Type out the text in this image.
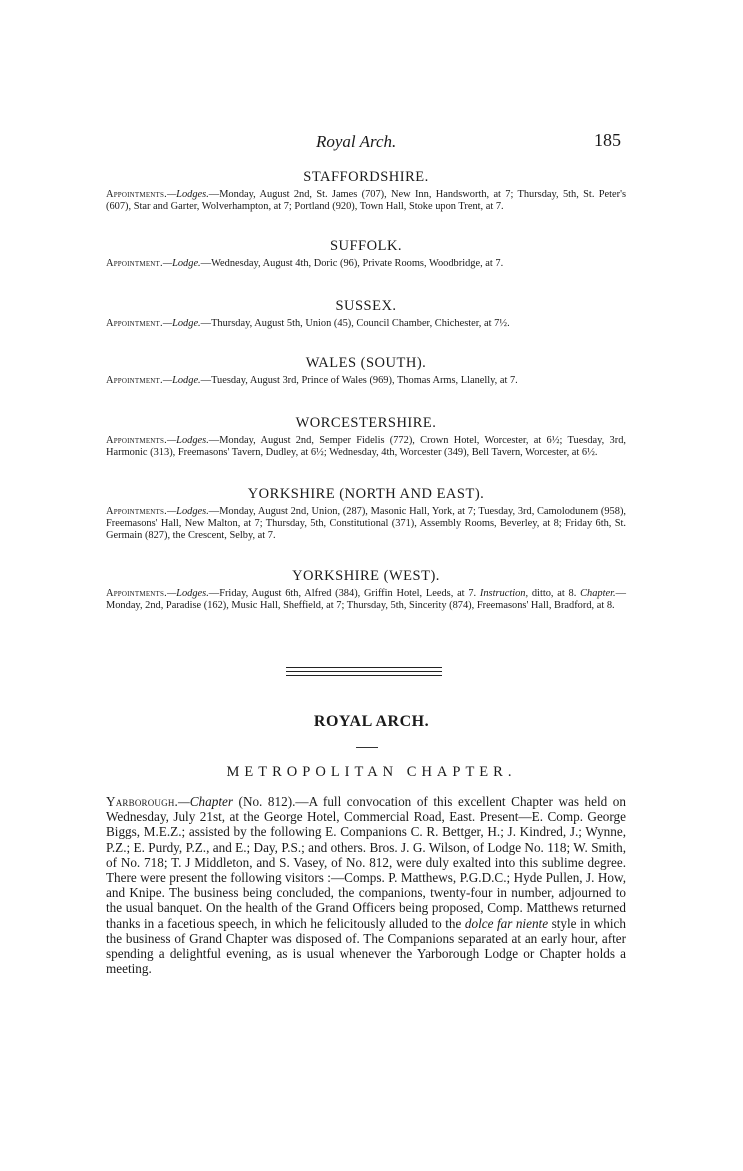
Royal Arch.	185

STAFFORDSHIRE.

Appointments.—Lodges.—Monday, August 2nd, St. James (707), New Inn, Handsworth, at 7; Thursday, 5th, St. Peter's (607), Star and Garter, Wolverhampton, at 7; Portland (920), Town Hall, Stoke upon Trent, at 7.

SUFFOLK.

Appointment.—Lodge.—Wednesday, August 4th, Doric (96), Private Rooms, Woodbridge, at 7.

SUSSEX.

Appointment.—Lodge.—Thursday, August 5th, Union (45), Council Chamber, Chichester, at 7½.

WALES (SOUTH).

Appointment.—Lodge.—Tuesday, August 3rd, Prince of Wales (969), Thomas Arms, Llanelly, at 7.

WORCESTERSHIRE.

Appointments.—Lodges.—Monday, August 2nd, Semper Fidelis (772), Crown Hotel, Worcester, at 6½; Tuesday, 3rd, Harmonic (313), Freemasons' Tavern, Dudley, at 6½; Wednesday, 4th, Worcester (349), Bell Tavern, Worcester, at 6½.

YORKSHIRE (NORTH AND EAST).

Appointments.—Lodges.—Monday, August 2nd, Union, (287), Masonic Hall, York, at 7; Tuesday, 3rd, Camolodunem (958), Freemasons' Hall, New Malton, at 7; Thursday, 5th, Constitutional (371), Assembly Rooms, Beverley, at 8; Friday 6th, St. Germain (827), the Crescent, Selby, at 7.

YORKSHIRE (WEST).

Appointments.—Lodges.—Friday, August 6th, Alfred (384), Griffin Hotel, Leeds, at 7. Instruction, ditto, at 8. Chapter.—Monday, 2nd, Paradise (162), Music Hall, Sheffield, at 7; Thursday, 5th, Sincerity (874), Freemasons' Hall, Bradford, at 8.

ROYAL ARCH.
METROPOLITAN CHAPTER.

Yarborough.—Chapter (No. 812).—A full convocation of this excellent Chapter was held on Wednesday, July 21st, at the George Hotel, Commercial Road, East. Present—E. Comp. George Biggs, M.E.Z.; assisted by the following E. Companions C. R. Bettger, H.; J. Kindred, J.; Wynne, P.Z.; E. Purdy, P.Z., and E.; Day, P.S.; and others. Bros. J. G. Wilson, of Lodge No. 118; W. Smith, of No. 718; T. J Middleton, and S. Vasey, of No. 812, were duly exalted into this sublime degree. There were present the following visitors :—Comps. P. Matthews, P.G.D.C.; Hyde Pullen, J. How, and Knipe. The business being concluded, the companions, twenty-four in number, adjourned to the usual banquet. On the health of the Grand Officers being proposed, Comp. Matthews returned thanks in a facetious speech, in which he felicitously alluded to the dolce far niente style in which the business of Grand Chapter was disposed of. The Companions separated at an early hour, after spending a delightful evening, as is usual whenever the Yarborough Lodge or Chapter holds a meeting.
